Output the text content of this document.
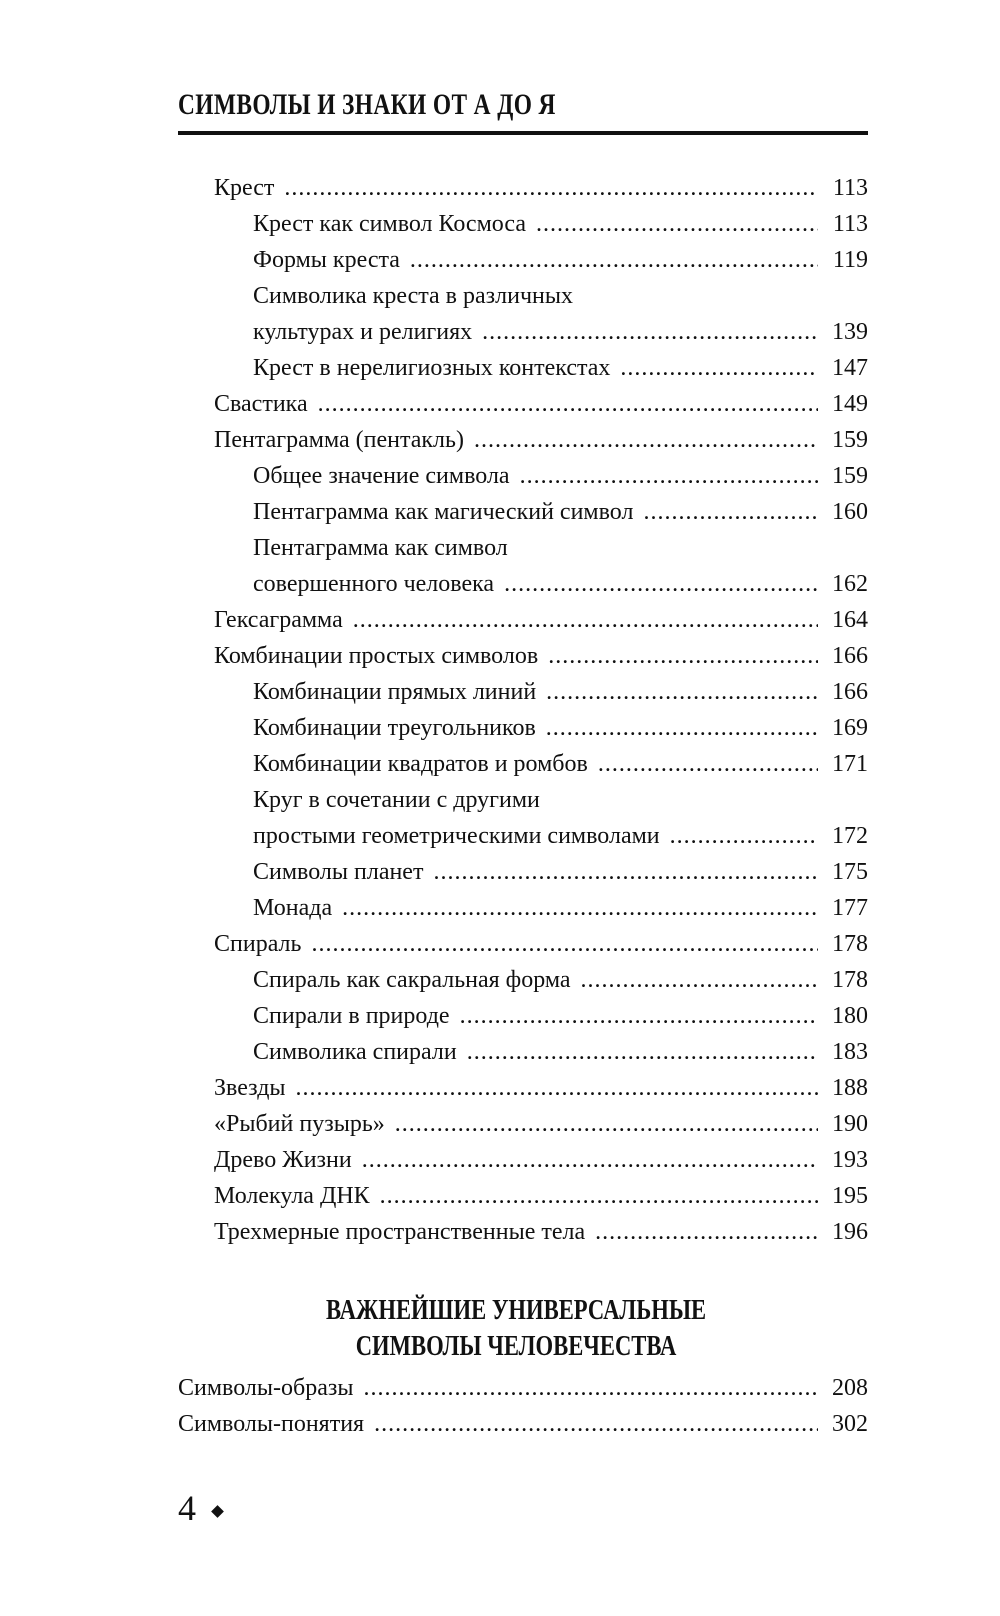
СИМВОЛЫ И ЗНАКИ ОТ А ДО Я
Крест .....	113
Крест как символ Космоса .....	113
Формы креста .....	119
Символика креста в различных
культурах и религиях .....	139
Крест в нерелигиозных контекстах .....	147
Свастика .....	149
Пентаграмма (пентакль) .....	159
Общее значение символа .....	159
Пентаграмма как магический символ .....	160
Пентаграмма как символ
совершенного человека .....	162
Гексаграмма .....	164
Комбинации простых символов .....	166
Комбинации прямых линий .....	166
Комбинации треугольников .....	169
Комбинации квадратов и ромбов .....	171
Круг в сочетании с другими
простыми геометрическими символами .....	172
Символы планет .....	175
Монада .....	177
Спираль .....	178
Спираль как сакральная форма .....	178
Спирали в природе .....	180
Символика спирали .....	183
Звезды .....	188
«Рыбий пузырь» .....	190
Древо Жизни .....	193
Молекула ДНК .....	195
Трехмерные пространственные тела .....	196
ВАЖНЕЙШИЕ УНИВЕРСАЛЬНЫЕ
СИМВОЛЫ ЧЕЛОВЕЧЕСТВА
Символы-образы .....	208
Символы-понятия .....	302
4
